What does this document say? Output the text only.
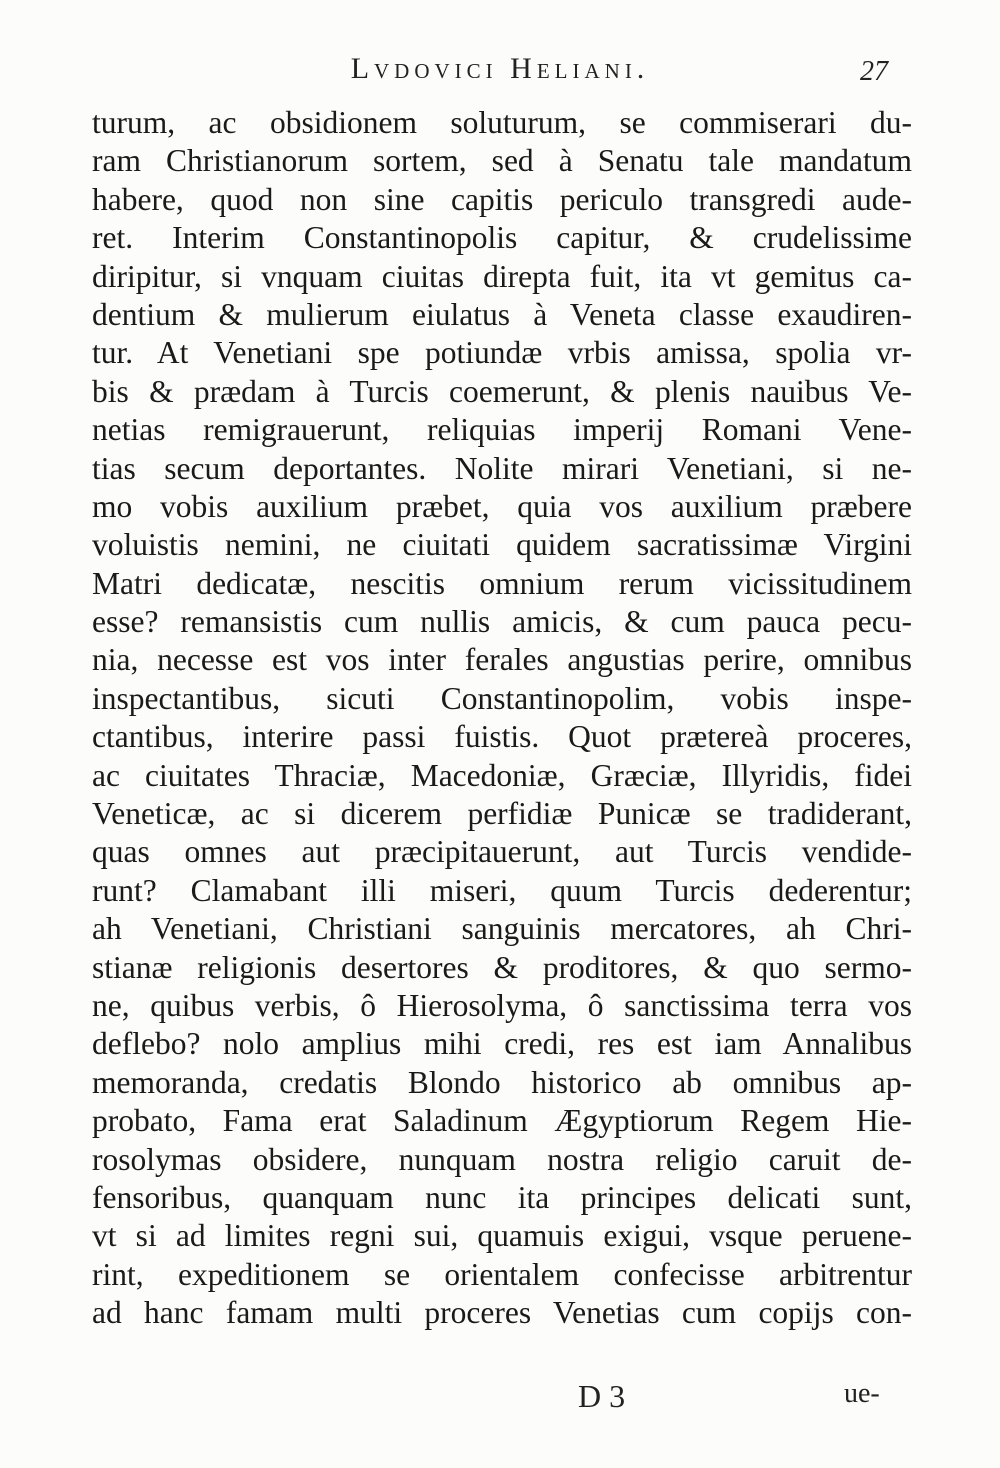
Lvdovici Heliani.	27
turum, ac obsidionem soluturum, se commiserari du-
ram Christianorum sortem, sed à Senatu tale mandatum
habere, quod non sine capitis periculo transgredi aude-
ret. Interim Constantinopolis capitur, & crudelissime
diripitur, si vnquam ciuitas direpta fuit, ita vt gemitus ca-
dentium & mulierum eiulatus à Veneta classe exaudiren-
tur. At Venetiani spe potiundæ vrbis amissa, spolia vr-
bis & prædam à Turcis coemerunt, & plenis nauibus Ve-
netias remigrauerunt, reliquias imperij Romani Vene-
tias secum deportantes. Nolite mirari Venetiani, si ne-
mo vobis auxilium præbet, quia vos auxilium præbere
voluistis nemini, ne ciuitati quidem sacratissimæ Virgini
Matri dedicatæ, nescitis omnium rerum vicissitudinem
esse? remansistis cum nullis amicis, & cum pauca pecu-
nia, necesse est vos inter ferales angustias perire, omnibus
inspectantibus, sicuti Constantinopolim, vobis inspe-
ctantibus, interire passi fuistis. Quot prætereà proceres,
ac ciuitates Thraciæ, Macedoniæ, Græciæ, Illyridis, fidei
Veneticæ, ac si dicerem perfidiæ Punicæ se tradiderant,
quas omnes aut præcipitauerunt, aut Turcis vendide-
runt? Clamabant illi miseri, quum Turcis dederentur;
ah Venetiani, Christiani sanguinis mercatores, ah Chri-
stianæ religionis desertores & proditores, & quo sermo-
ne, quibus verbis, ô Hierosolyma, ô sanctissima terra vos
deflebo? nolo amplius mihi credi, res est iam Annalibus
memoranda, credatis Blondo historico ab omnibus ap-
probato, Fama erat Saladinum Ægyptiorum Regem Hie-
rosolymas obsidere, nunquam nostra religio caruit de-
fensoribus, quanquam nunc ita principes delicati sunt,
vt si ad limites regni sui, quamuis exigui, vsque peruene-
rint, expeditionem se orientalem confecisse arbitrentur
ad hanc famam multi proceres Venetias cum copijs con-
D 3	ue-
